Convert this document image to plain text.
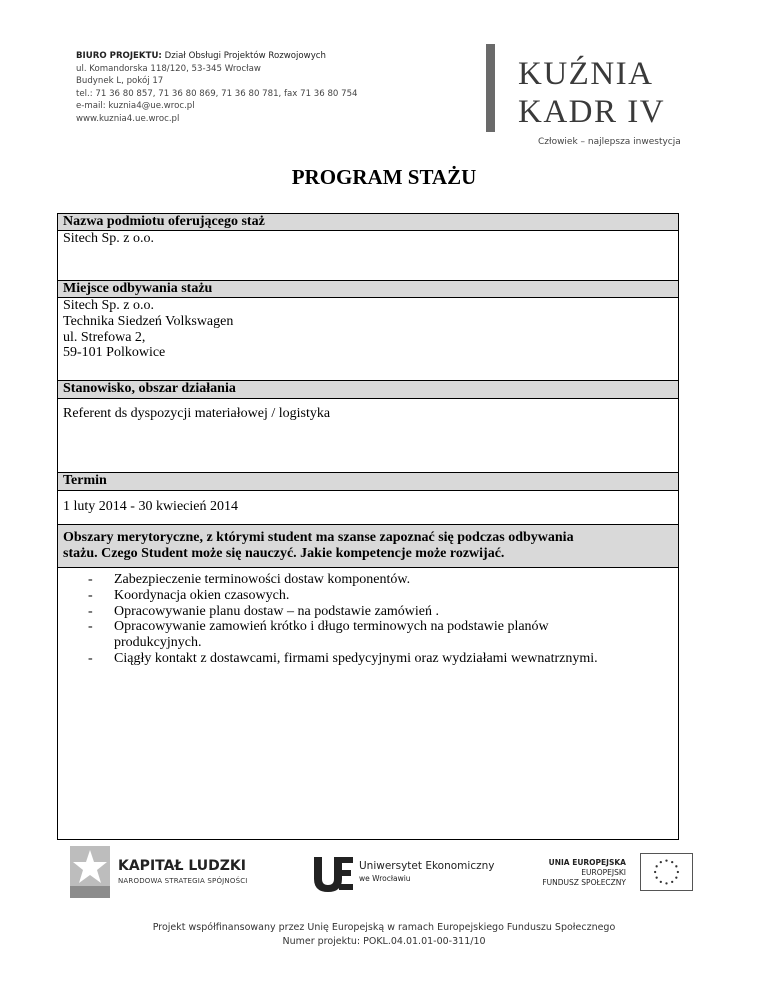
BIURO PROJEKTU: Dział Obsługi Projektów Rozwojowych
ul. Komandorska 118/120, 53-345 Wrocław
Budynek L, pokój 17
tel.: 71 36 80 857, 71 36 80 869, 71 36 80 781, fax 71 36 80 754
e-mail: kuznia4@ue.wroc.pl
www.kuznia4.ue.wroc.pl
KUŹNIA
KADR IV
Człowiek – najlepsza inwestycja
PROGRAM STAŻU
Nazwa podmiotu oferującego staż
Sitech Sp. z o.o.
Miejsce odbywania stażu
Sitech Sp. z o.o.
Technika Siedzeń Volkswagen
ul. Strefowa 2,
59-101 Polkowice
Stanowisko, obszar działania
Referent ds dyspozycji materiałowej / logistyka
Termin
1 luty 2014 - 30 kwiecień 2014
Obszary merytoryczne, z którymi student ma szanse zapoznać się podczas odbywania
stażu. Czego Student może się nauczyć. Jakie kompetencje może rozwijać.
- Zabezpieczenie terminowości dostaw komponentów.
- Koordynacja okien czasowych.
- Opracowywanie planu dostaw – na podstawie zamówień .
- Opracowywanie zamowień krótko i długo terminowych na podstawie planów produkcyjnych.
- Ciągły kontakt z dostawcami, firmami spedycyjnymi oraz wydziałami wewnatrznymi.
KAPITAŁ LUDZKI
NARODOWA STRATEGIA SPÓJNOŚCI
Uniwersytet Ekonomiczny
we Wrocławiu
UNIA EUROPEJSKA
EUROPEJSKI
FUNDUSZ SPOŁECZNY
Projekt współfinansowany przez Unię Europejską w ramach Europejskiego Funduszu Społecznego
Numer projektu: POKL.04.01.01-00-311/10
